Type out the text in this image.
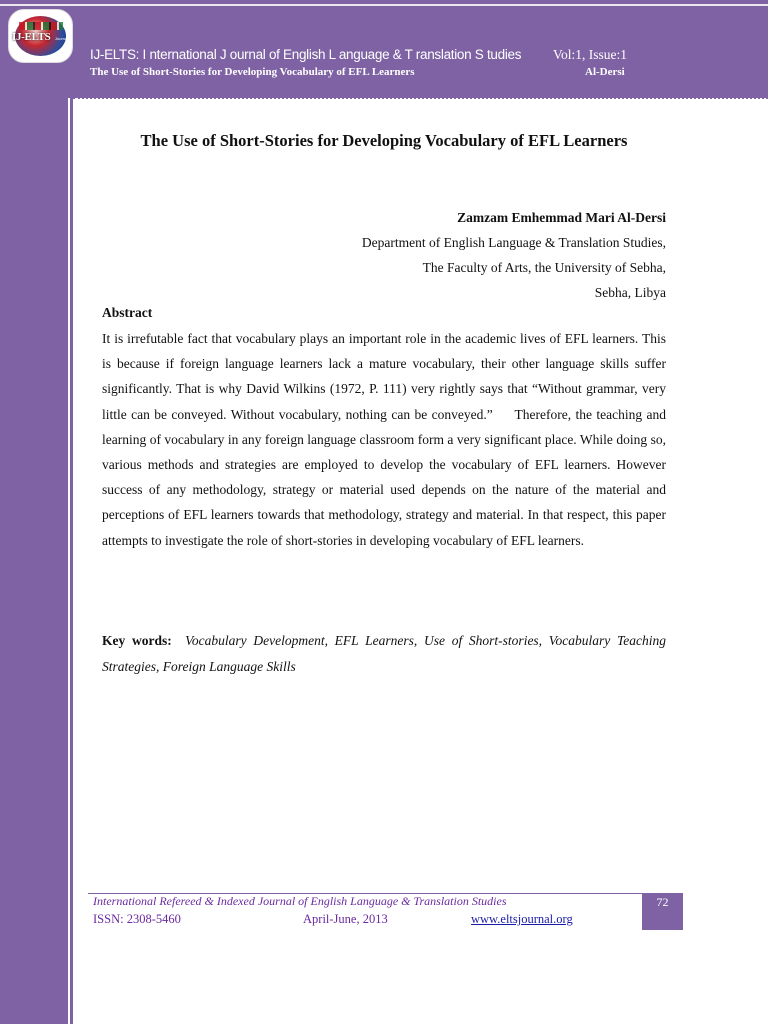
IJ-ELTS Journal
IJ-ELTS: I nternational J ournal of English L anguage & T ranslation S tudies Vol:1, Issue:1
The Use of Short-Stories for Developing Vocabulary of EFL Learners	Al-Dersi
The Use of Short-Stories for Developing Vocabulary of EFL Learners
Zamzam Emhemmad Mari Al-Dersi
Department of English Language & Translation Studies,
The Faculty of Arts, the University of Sebha,
Sebha, Libya
Abstract
It is irrefutable fact that vocabulary plays an important role in the academic lives of EFL learners. This is because if foreign language learners lack a mature vocabulary, their other language skills suffer significantly. That is why David Wilkins (1972, P. 111) very rightly says that “Without grammar, very little can be conveyed. Without vocabulary, nothing can be conveyed.”     Therefore, the teaching and learning of vocabulary in any foreign language classroom form a very significant place. While doing so, various methods and strategies are employed to develop the vocabulary of EFL learners. However success of any methodology, strategy or material used depends on the nature of the material and perceptions of EFL learners towards that methodology, strategy and material. In that respect, this paper attempts to investigate the role of short-stories in developing vocabulary of EFL learners.
Key words: Vocabulary Development, EFL Learners, Use of Short-stories, Vocabulary Teaching Strategies, Foreign Language Skills
International Refereed & Indexed Journal of English Language & Translation Studies
ISSN: 2308-5460	April-June, 2013	www.eltsjournal.org
72
